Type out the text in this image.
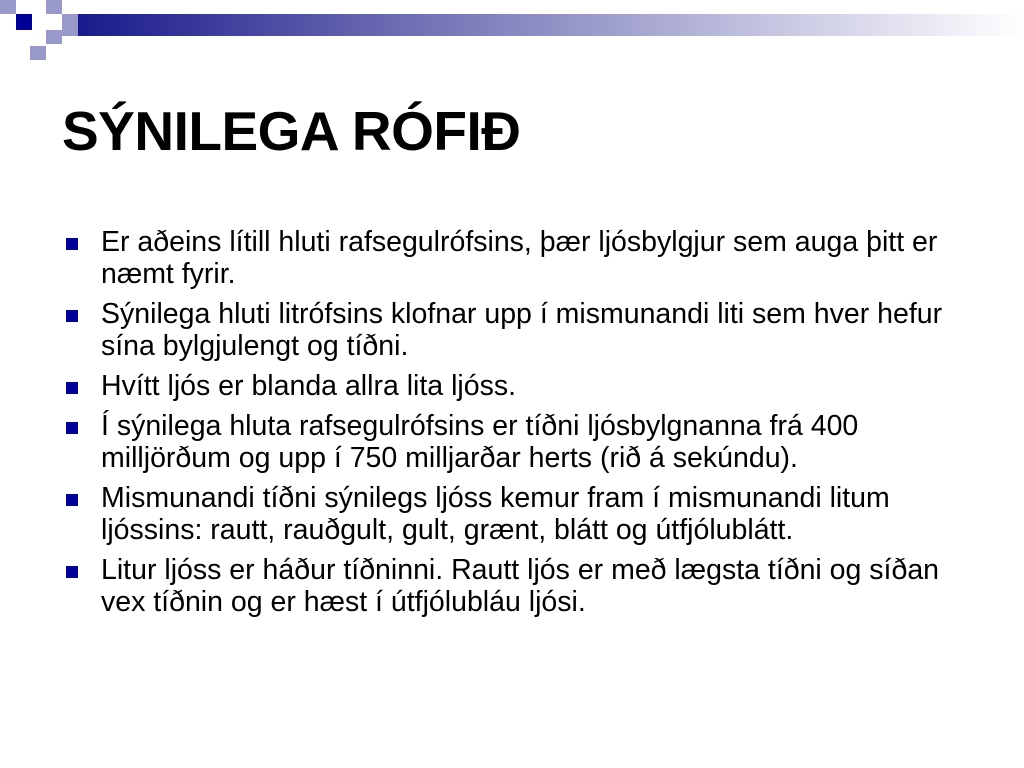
SÝNILEGA RÓFIÐ
Er aðeins lítill hluti rafsegulrófsins, þær ljósbylgjur sem auga þitt er næmt fyrir.
Sýnilega hluti litrófsins klofnar upp í mismunandi liti sem hver hefur sína bylgjulengt og tíðni.
Hvítt ljós er blanda allra lita ljóss.
Í sýnilega hluta rafsegulrófsins er tíðni ljósbylgnanna frá 400 milljörðum og upp í 750 milljarðar herts (rið á sekúndu).
Mismunandi tíðni sýnilegs ljóss kemur fram í mismunandi litum ljóssins: rautt, rauðgult, gult, grænt, blátt og útfjólublátt.
Litur ljóss er háður tíðninni. Rautt ljós er með lægsta tíðni og síðan vex tíðnin og er hæst í útfjólubláu ljósi.
